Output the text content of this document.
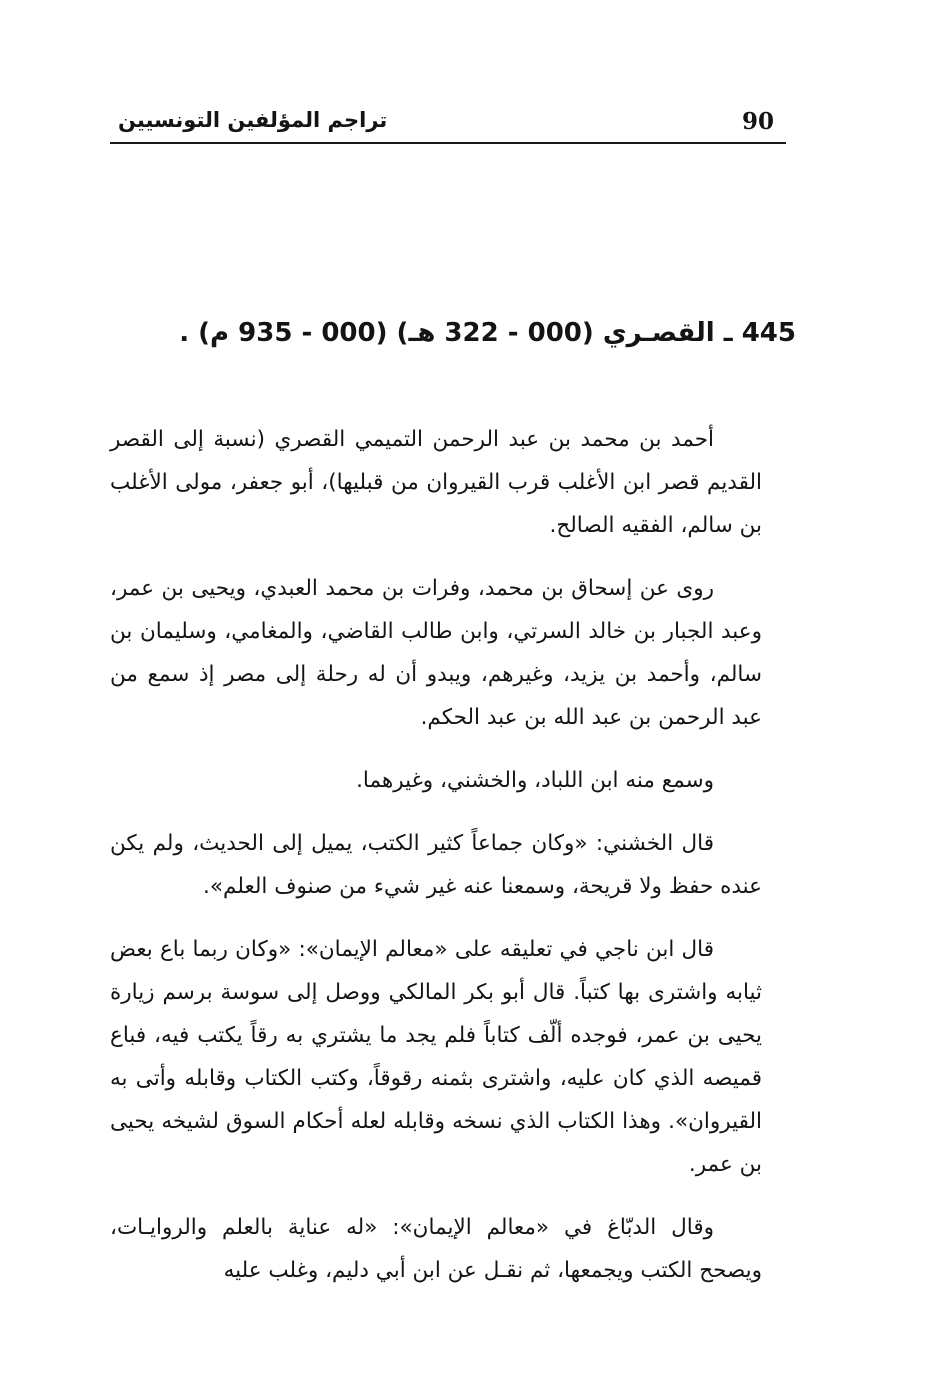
90
تراجم المؤلفين التونسيين
445 ـ القصـري (000 - 322 هـ) (000 - 935 م) .

أحمد بن محمد بن عبد الرحمن التميمي القصري (نسبة إلى القصر القديم قصر ابن الأغلب قرب القيروان من قبليها)، أبو جعفر، مولى الأغلب بن سالم، الفقيه الصالح.

روى عن إسحاق بن محمد، وفرات بن محمد العبدي، ويحيى بن عمر، وعبد الجبار بن خالد السرتي، وابن طالب القاضي، والمغامي، وسليمان بن سالم، وأحمد بن يزيد، وغيرهم، ويبدو أن له رحلة إلى مصر إذ سمع من عبد الرحمن بن عبد الله بن عبد الحكم.

وسمع منه ابن اللباد، والخشني، وغيرهما.

قال الخشني: «وكان جماعاً كثير الكتب، يميل إلى الحديث، ولم يكن عنده حفظ ولا قريحة، وسمعنا عنه غير شيء من صنوف العلم».

قال ابن ناجي في تعليقه على «معالم الإيمان»: «وكان ربما باع بعض ثيابه واشترى بها كتباً. قال أبو بكر المالكي ووصل إلى سوسة برسم زيارة يحيى بن عمر، فوجده ألّف كتاباً فلم يجد ما يشتري به رقاً يكتب فيه، فباع قميصه الذي كان عليه، واشترى بثمنه رقوقاً، وكتب الكتاب وقابله وأتى به القيروان». وهذا الكتاب الذي نسخه وقابله لعله أحكام السوق لشيخه يحيى بن عمر.

وقال الدبّاغ في «معالم الإيمان»: «له عناية بالعلم والروايـات، ويصحح الكتب ويجمعها، ثم نقـل عن ابن أبي دليم، وغلب عليه
